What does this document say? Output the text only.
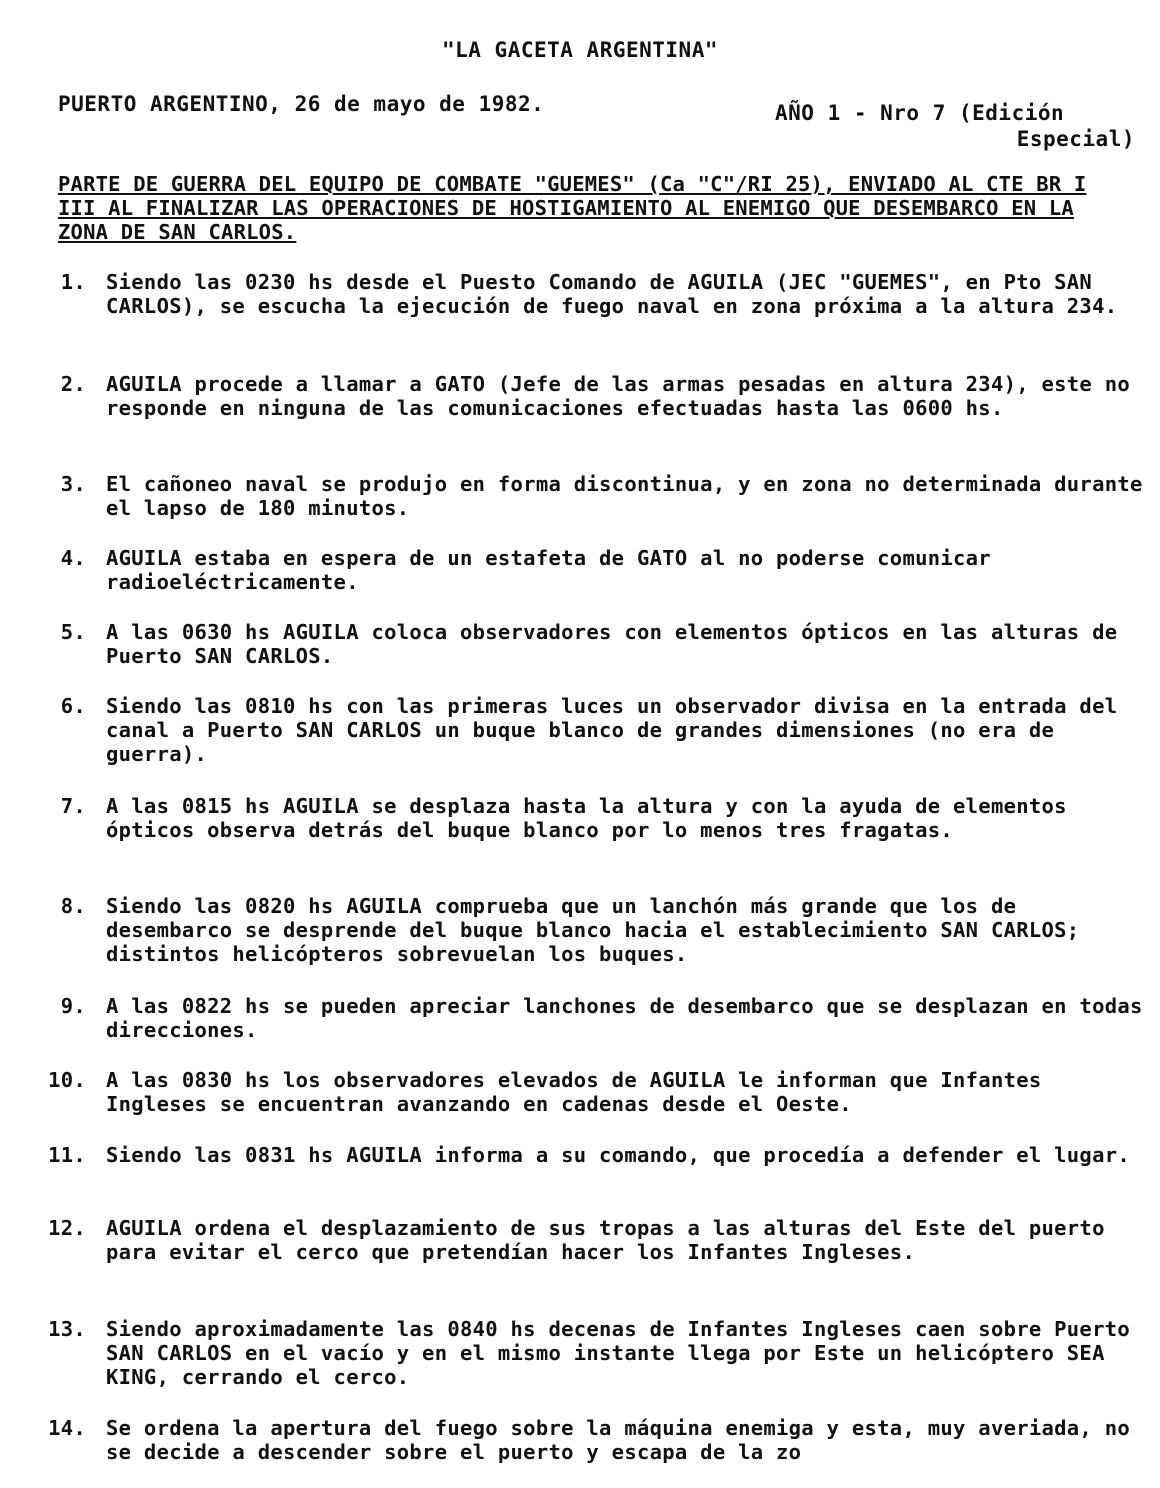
"LA GACETA ARGENTINA"
PUERTO ARGENTINO, 26 de mayo de 1982.	AÑO 1 - Nro 7 (Edición
Especial)
PARTE DE GUERRA DEL EQUIPO DE COMBATE "GUEMES" (Ca "C"/RI 25), ENVIADO AL CTE BR I III AL FINALIZAR LAS OPERACIONES DE HOSTIGAMIENTO AL ENEMIGO QUE DESEMBARCO EN LA ZONA DE SAN CARLOS.
1. Siendo las 0230 hs desde el Puesto Comando de AGUILA (JEC "GUEMES", en Pto SAN CARLOS), se escucha la ejecución de fuego naval en zona próxima a la altura 234.
2. AGUILA procede a llamar a GATO (Jefe de las armas pesadas en altura 234), este no responde en ninguna de las comunicaciones efectuadas hasta las 0600 hs.
3. El cañoneo naval se produjo en forma discontinua, y en zona no determinada durante el lapso de 180 minutos.
4. AGUILA estaba en espera de un estafeta de GATO al no poderse comunicar radioeléctricamente.
5. A las 0630 hs AGUILA coloca observadores con elementos ópticos en las alturas de Puerto SAN CARLOS.
6. Siendo las 0810 hs con las primeras luces un observador divisa en la entrada del canal a Puerto SAN CARLOS un buque blanco de grandes dimensiones (no era de guerra).
7. A las 0815 hs AGUILA se desplaza hasta la altura y con la ayuda de elementos ópticos observa detrás del buque blanco por lo menos tres fragatas.
8. Siendo las 0820 hs AGUILA comprueba que un lanchón más grande que los de desembarco se desprende del buque blanco hacia el establecimiento SAN CARLOS; distintos helicópteros sobrevuelan los buques.
9. A las 0822 hs se pueden apreciar lanchones de desembarco que se desplazan en todas direcciones.
10. A las 0830 hs los observadores elevados de AGUILA le informan que Infantes Ingleses se encuentran avanzando en cadenas desde el Oeste.
11. Siendo las 0831 hs AGUILA informa a su comando, que procedía a defender el lugar.
12. AGUILA ordena el desplazamiento de sus tropas a las alturas del Este del puerto para evitar el cerco que pretendían hacer los Infantes Ingleses.
13. Siendo aproximadamente las 0840 hs decenas de Infantes Ingleses caen sobre Puerto SAN CARLOS en el vacío y en el mismo instante llega por Este un helicóptero SEA KING, cerrando el cerco.
14. Se ordena la apertura del fuego sobre la máquina enemiga y esta, muy averiada, no se decide a descender sobre el puerto y escapa de la zo
